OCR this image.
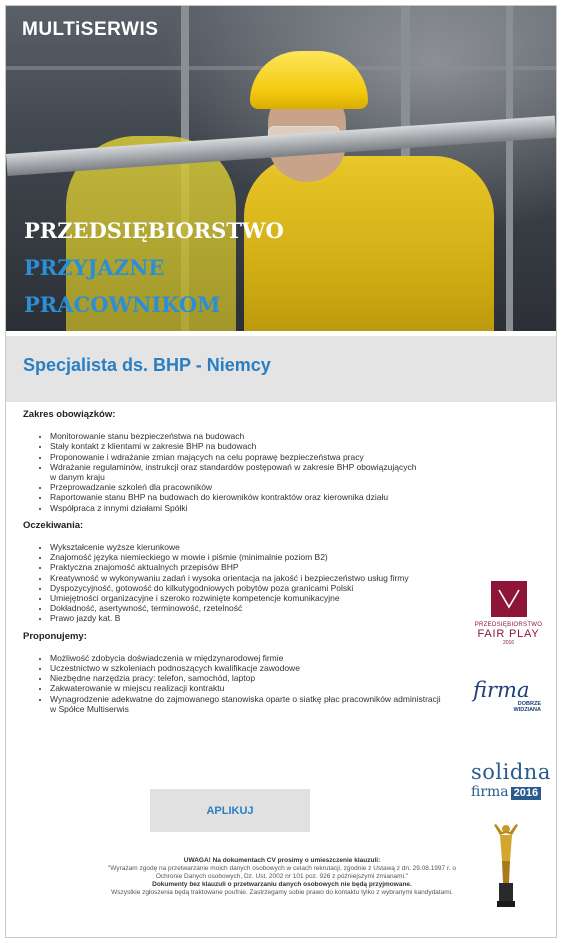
MULTiSERWIS
PRZEDSIĘBIORSTWO
PRZYJAZNE
PRACOWNIKOM
Specjalista ds. BHP - Niemcy
Zakres obowiązków:
• Monitorowanie stanu bezpieczeństwa na budowach
• Stały kontakt z klientami w zakresie BHP na budowach
• Proponowanie i wdrażanie zmian mających na celu poprawę bezpieczeństwa pracy
• Wdrażanie regulaminów, instrukcji oraz standardów postępowań w zakresie BHP obowiązujących
w danym kraju
• Przeprowadzanie szkoleń dla pracowników
• Raportowanie stanu BHP na budowach do kierowników kontraktów oraz kierownika działu
• Współpraca z innymi działami Spółki
Oczekiwania:
• Wykształcenie wyższe kierunkowe
• Znajomość języka niemieckiego w mowie i piśmie (minimalnie poziom B2)
• Praktyczna znajomość aktualnych przepisów BHP
• Kreatywność w wykonywaniu zadań i wysoka orientacja na jakość i bezpieczeństwo usług firmy
• Dyspozycyjność, gotowość do kilkutygodniowych pobytów poza granicami Polski
• Umiejętności organizacyjne i szeroko rozwinięte kompetencje komunikacyjne
• Dokładność, asertywność, terminowość, rzetelność
• Prawo jazdy kat. B
Proponujemy:
• Możliwość zdobycia doświadczenia w międzynarodowej firmie
• Uczestnictwo w szkoleniach podnoszących kwalifikacje zawodowe
• Niezbędne narzędzia pracy: telefon, samochód, laptop
• Zakwaterowanie w miejscu realizacji kontraktu
• Wynagrodzenie adekwatne do zajmowanego stanowiska oparte o siatkę płac pracowników administracji
w Spółce Multiserwis
PRZEDSIĘBIORSTWO
FAIR PLAY
2016
firma
DOBRZE
WIDZIANA
solidna
firma 2016
APLIKUJ
UWAGA! Na dokumentach CV prosimy o umieszczenie klauzuli:
"Wyrażam zgodę na przetwarzanie moich danych osobowych w celach rekrutacji, zgodnie z Ustawą z dn. 29.08.1997 r. o
Ochronie Danych osobowych, Dz. Ust. 2002 nr 101 poz. 926 z późniejszymi zmianami."
Dokumenty bez klauzuli o przetwarzaniu danych osobowych nie będą przyjmowane.
Wszystkie zgłoszenia będą traktowane poufnie. Zastrzegamy sobie prawo do kontaktu tylko z wybranymi kandydatami.
